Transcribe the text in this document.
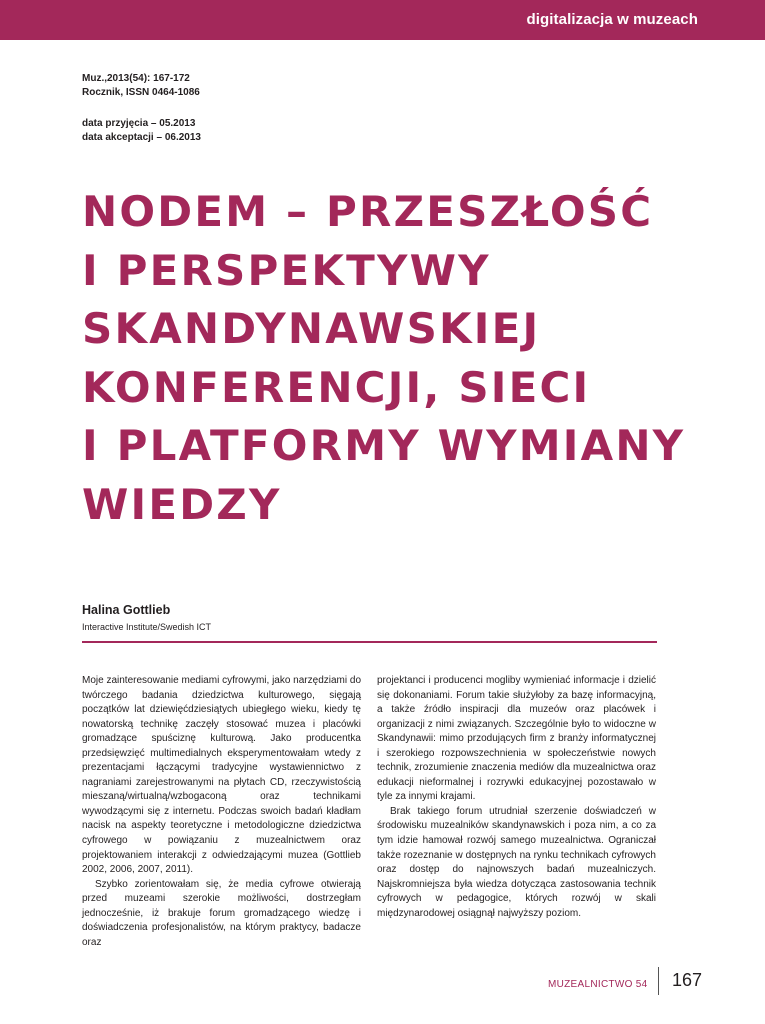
digitalizacja w muzeach
Muz.,2013(54): 167-172
Rocznik, ISSN 0464-1086
data przyjęcia – 05.2013
data akceptacji – 06.2013
NODEM – PRZESZŁOŚĆ
I PERSPEKTYWY
SKANDYNAWSKIEJ
KONFERENCJI, SIECI
I PLATFORMY WYMIANY
WIEDZY
Halina Gottlieb
Interactive Institute/Swedish ICT

Moje zainteresowanie mediami cyfrowymi, jako narzędziami do twórczego badania dziedzictwa kulturowego, sięgają początków lat dziewięćdziesiątych ubiegłego wieku, kiedy tę nowatorską technikę zaczęły stosować muzea i placówki gromadzące spuściznę kulturową. Jako producentka przedsięwzięć multimedialnych eksperymentowałam wtedy z prezentacjami łączącymi tradycyjne wystawiennictwo z nagraniami zarejestrowanymi na płytach CD, rzeczywistością mieszaną/wirtualną/wzbogaconą oraz technikami wywodzącymi się z internetu. Podczas swoich badań kładłam nacisk na aspekty teoretyczne i metodologiczne dziedzictwa cyfrowego w powiązaniu z muzealnictwem oraz projektowaniem interakcji z odwiedzającymi muzea (Gottlieb 2002, 2006, 2007, 2011).

Szybko zorientowałam się, że media cyfrowe otwierają przed muzeami szerokie możliwości, dostrzegłam jednocześnie, iż brakuje forum gromadzącego wiedzę i doświadczenia profesjonalistów, na którym praktycy, badacze oraz

projektanci i producenci mogliby wymieniać informacje i dzielić się dokonaniami. Forum takie służyłoby za bazę informacyjną, a także źródło inspiracji dla muzeów oraz placówek i organizacji z nimi związanych. Szczególnie było to widoczne w Skandynawii: mimo przodujących firm z branży informatycznej i szerokiego rozpowszechnienia w społeczeństwie nowych technik, zrozumienie znaczenia mediów dla muzealnictwa oraz edukacji nieformalnej i rozrywki edukacyjnej pozostawało w tyle za innymi krajami.

Brak takiego forum utrudniał szerzenie doświadczeń w środowisku muzealników skandynawskich i poza nim, a co za tym idzie hamował rozwój samego muzealnictwa. Ograniczał także rozeznanie w dostępnych na rynku technikach cyfrowych oraz dostęp do najnowszych badań muzealniczych. Najskromniejsza była wiedza dotycząca zastosowania technik cyfrowych w pedagogice, których rozwój w skali międzynarodowej osiągnął najwyższy poziom.

MUZEALNICTWO 54 167
